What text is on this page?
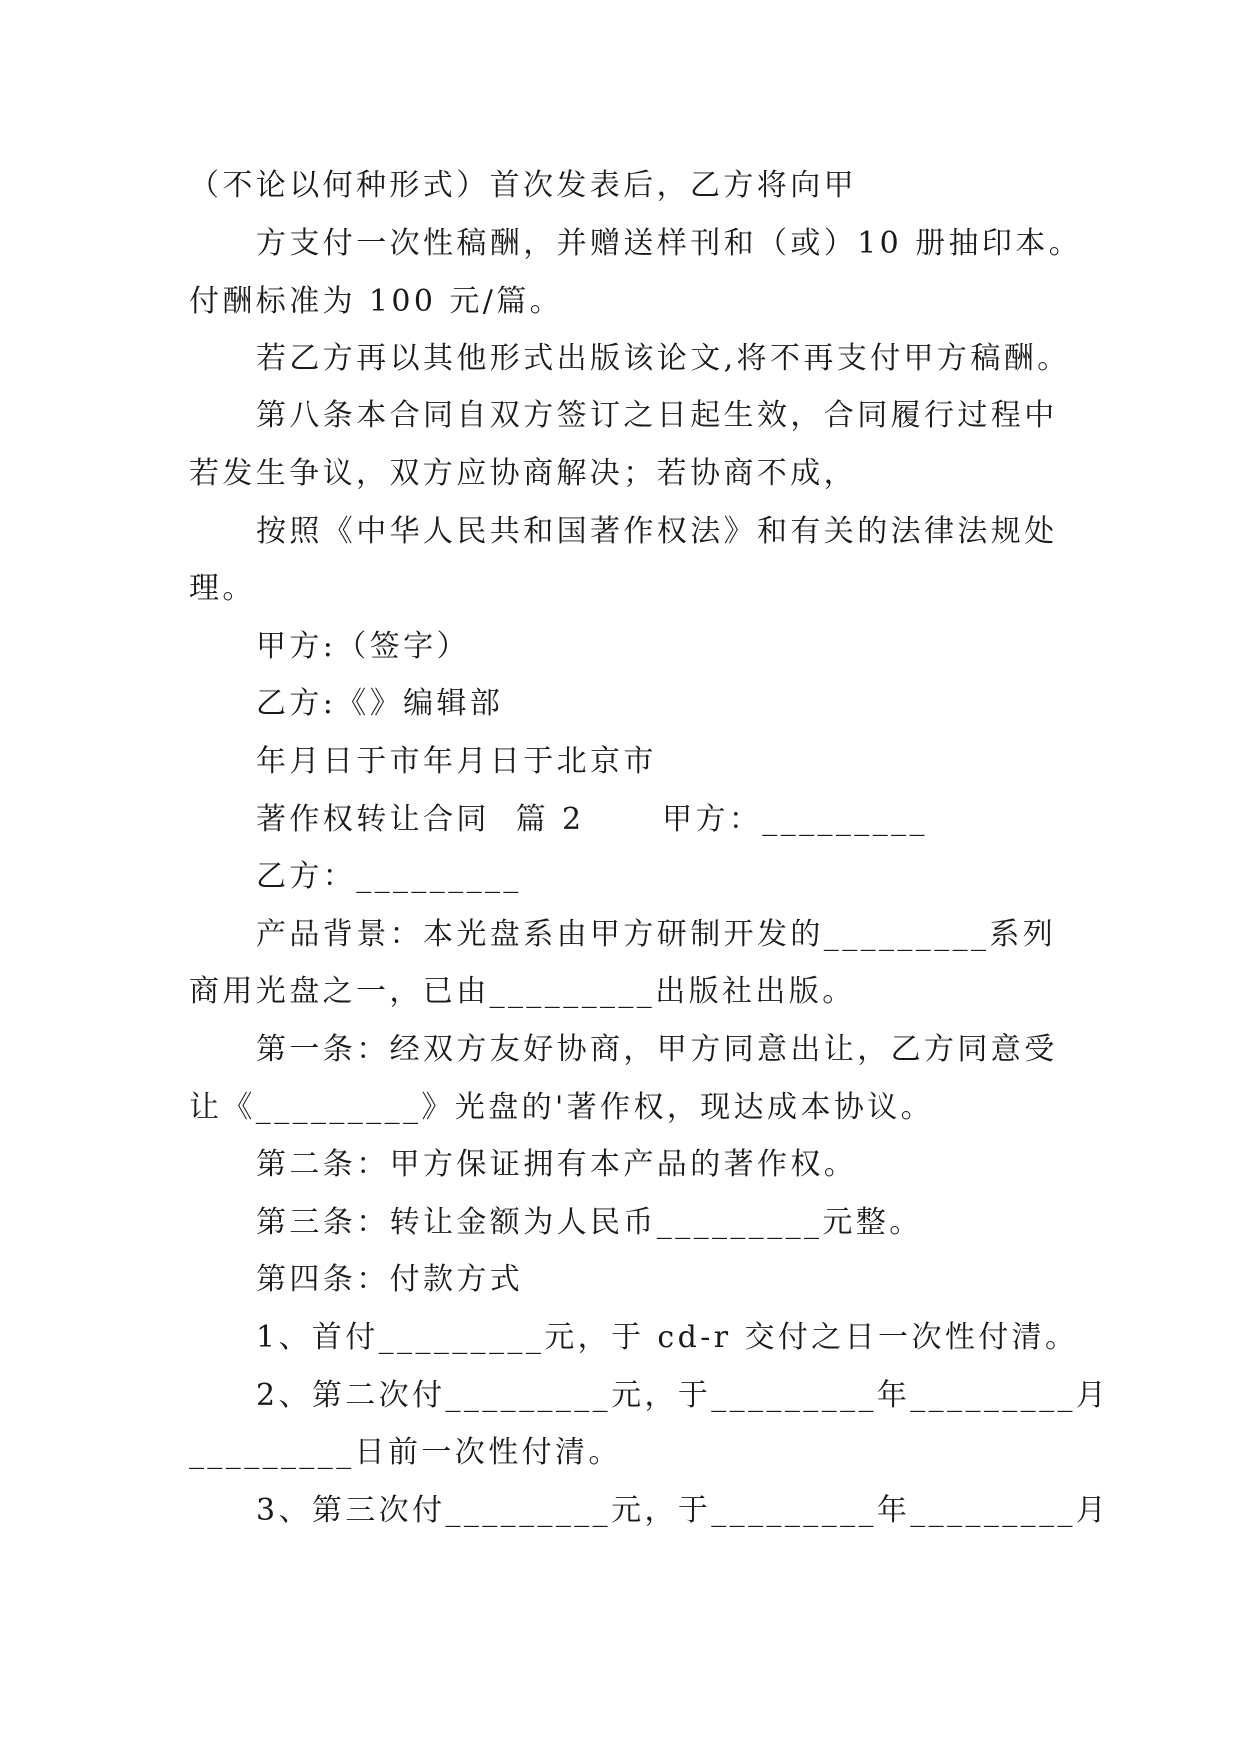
（不论以何种形式）首次发表后，乙方将向甲
方支付一次性稿酬，并赠送样刊和（或）10 册抽印本。
付酬标准为 100 元/篇。
若乙方再以其他形式出版该论文,将不再支付甲方稿酬。
第八条本合同自双方签订之日起生效，合同履行过程中
若发生争议，双方应协商解决；若协商不成，
按照《中华人民共和国著作权法》和有关的法律法规处
理。
甲方:（签字）
乙方:《》编辑部
年月日于市年月日于北京市
著作权转让合同  篇 2      甲方：_________
乙方：_________
产品背景：本光盘系由甲方研制开发的_________系列
商用光盘之一，已由_________出版社出版。
第一条：经双方友好协商，甲方同意出让，乙方同意受
让《_________》光盘的'著作权，现达成本协议。
第二条：甲方保证拥有本产品的著作权。
第三条：转让金额为人民币_________元整。
第四条：付款方式
1、首付_________元，于 cd-r 交付之日一次性付清。
2、第二次付_________元，于_________年_________月
_________日前一次性付清。
3、第三次付_________元，于_________年_________月
